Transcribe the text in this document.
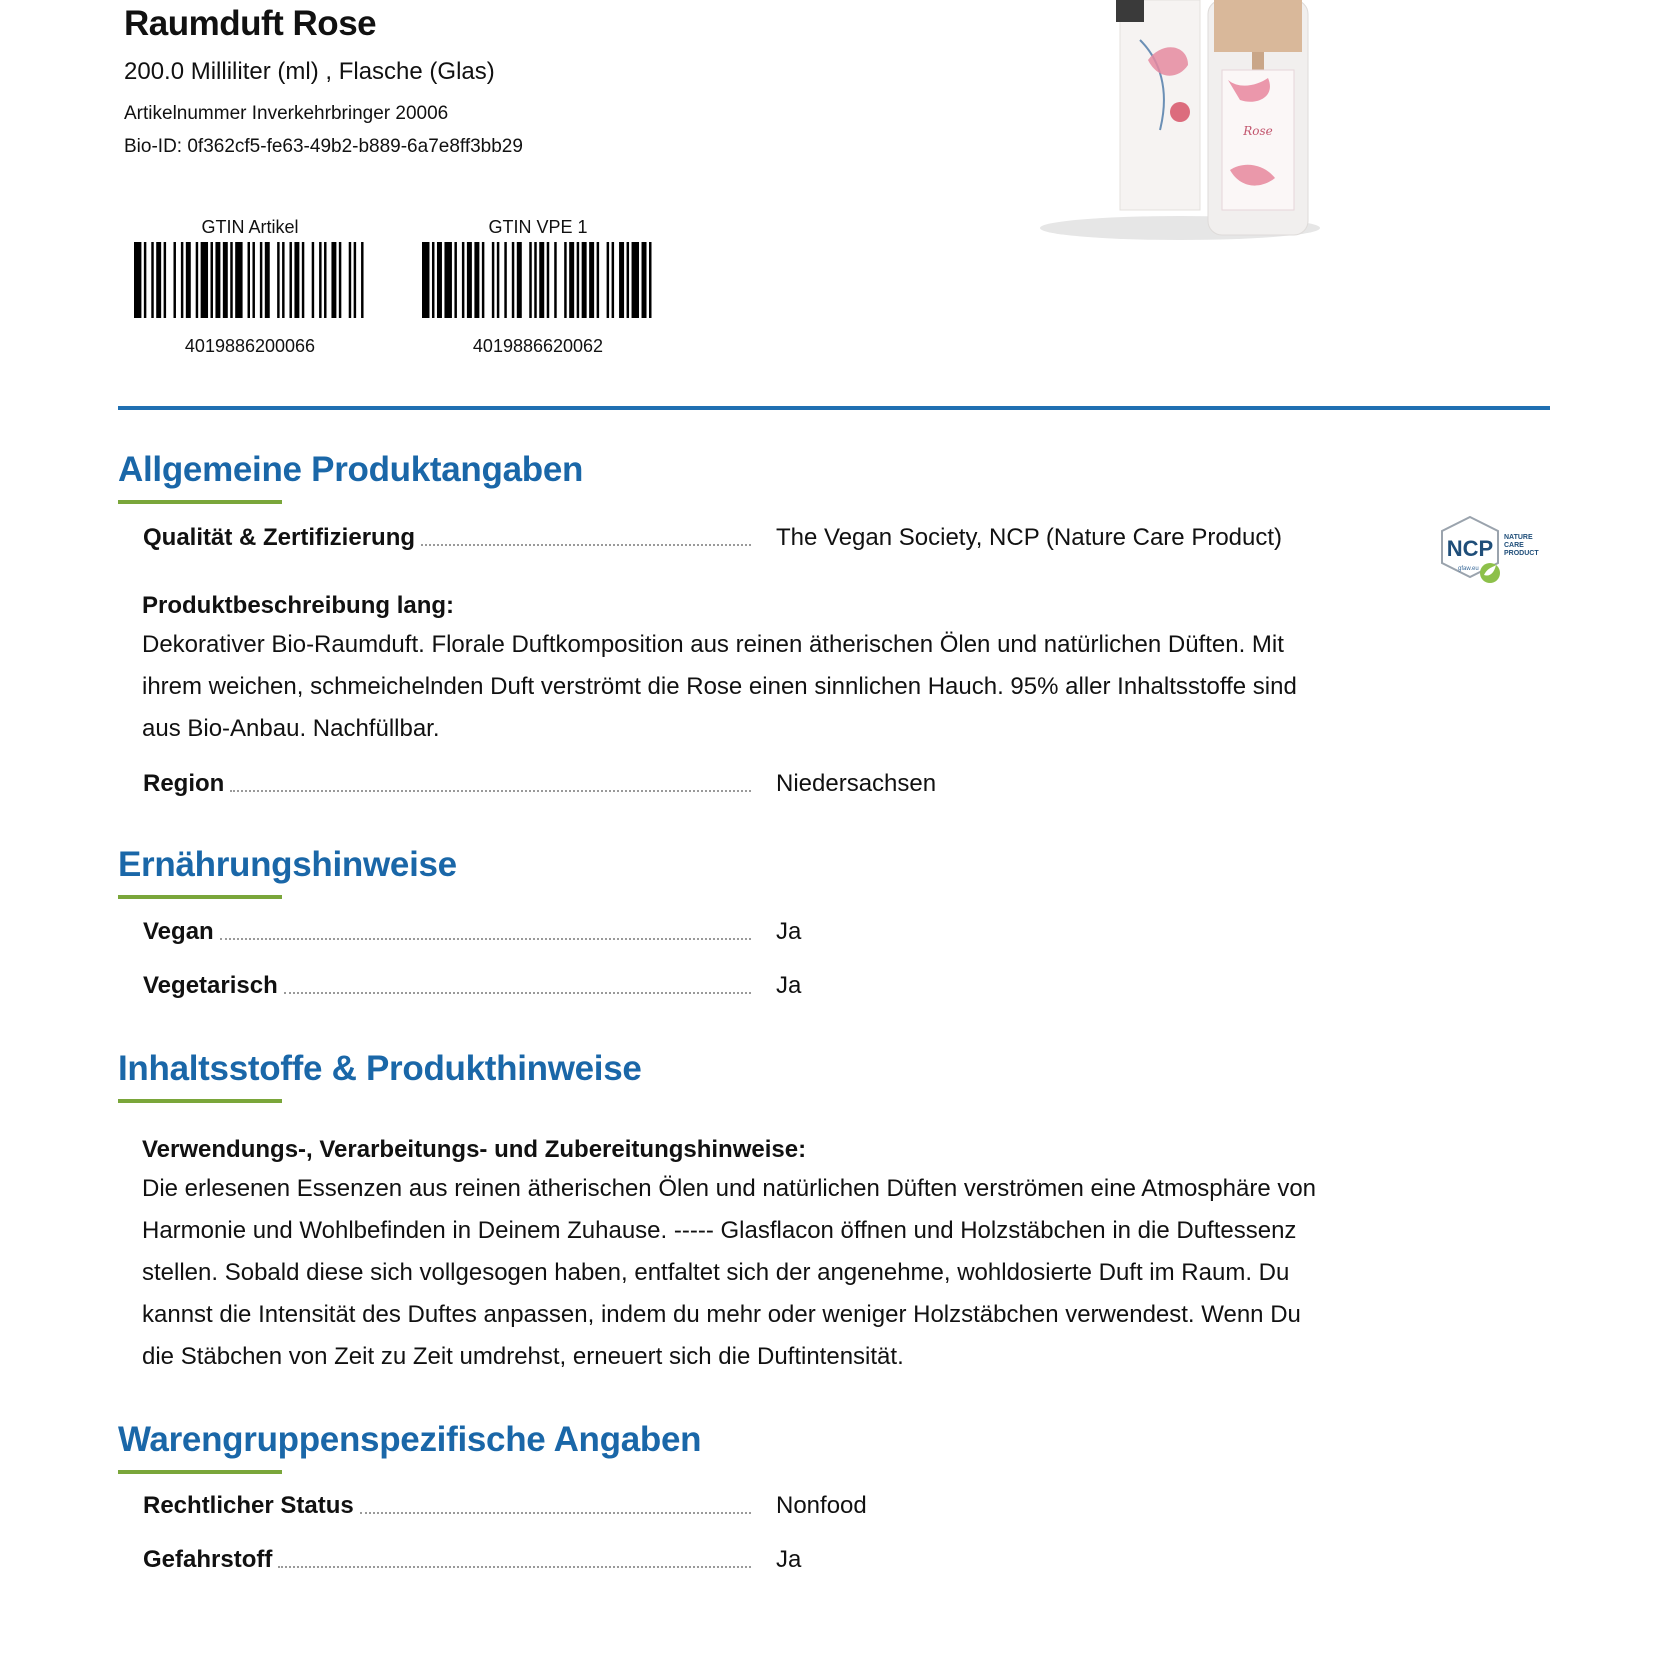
Raumduft Rose
200.0 Milliliter (ml) , Flasche (Glas)
Artikelnummer Inverkehrbringer 20006
Bio-ID: 0f362cf5-fe63-49b2-b889-6a7e8ff3bb29
GTIN Artikel
4019886200066
GTIN VPE 1
4019886620062
Rose
Allgemeine Produktangaben
Qualität & Zertifizierung	The Vegan Society, NCP (Nature Care Product)	NCP NATURE
CARE
PRODUCT
gfaw.eu
Produktbeschreibung lang:
Dekorativer Bio-Raumduft. Florale Duftkomposition aus reinen ätherischen Ölen und natürlichen Düften. Mit
ihrem weichen, schmeichelnden Duft verströmt die Rose einen sinnlichen Hauch. 95% aller Inhaltsstoffe sind
aus Bio-Anbau. Nachfüllbar.
Region	Niedersachsen
Ernährungshinweise
Vegan	Ja
Vegetarisch	Ja
Inhaltsstoffe & Produkthinweise
Verwendungs-, Verarbeitungs- und Zubereitungshinweise:
Die erlesenen Essenzen aus reinen ätherischen Ölen und natürlichen Düften verströmen eine Atmosphäre von
Harmonie und Wohlbefinden in Deinem Zuhause. ----- Glasflacon öffnen und Holzstäbchen in die Duftessenz
stellen. Sobald diese sich vollgesogen haben, entfaltet sich der angenehme, wohldosierte Duft im Raum. Du
kannst die Intensität des Duftes anpassen, indem du mehr oder weniger Holzstäbchen verwendest. Wenn Du
die Stäbchen von Zeit zu Zeit umdrehst, erneuert sich die Duftintensität.
Warengruppenspezifische Angaben
Rechtlicher Status	Nonfood
Gefahrstoff	Ja
